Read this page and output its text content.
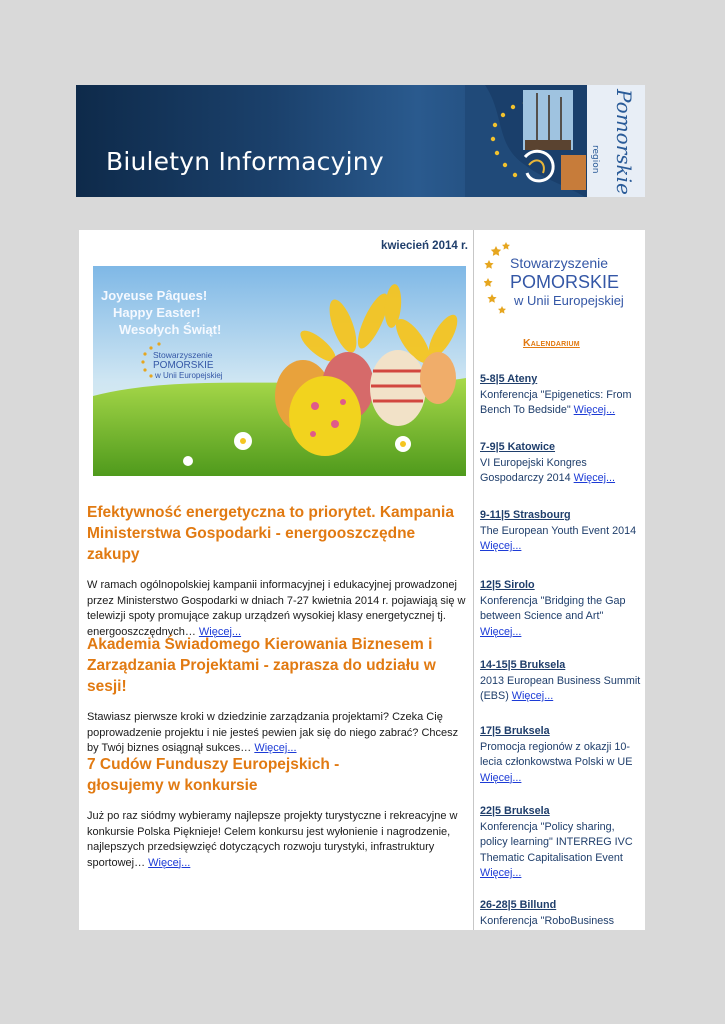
Biuletyn Informacyjny	Pomorskie
region
kwiecień 2014 r.
Joyeuse Pâques!
Happy Easter!
Wesołych Świąt!
Stowarzyszenie
POMORSKIE
w Unii Europejskiej
Efektywność energetyczna to priorytet. Kampania Ministerstwa Gospodarki - energooszczędne zakupy

W ramach ogólnopolskiej kampanii informacyjnej i edukacyjnej prowadzonej przez Ministerstwo Gospodarki w dniach 7-27 kwietnia 2014 r. pojawiają się w telewizji spoty promujące zakup urządzeń wysokiej klasy energetycznej tj. energooszczędnych… Więcej...

Akademia Świadomego Kierowania Biznesem i Zarządzania Projektami - zaprasza do udziału w sesji!

Stawiasz pierwsze kroki w dziedzinie zarządzania projektami? Czeka Cię poprowadzenie projektu i nie jesteś pewien jak się do niego zabrać? Chcesz by Twój biznes osiągnął sukces… Więcej...

7 Cudów Funduszy Europejskich - głosujemy w konkursie

Już po raz siódmy wybieramy najlepsze projekty turystyczne i rekreacyjne w konkursie Polska Pięknieje! Celem konkursu jest wyłonienie i nagrodzenie, najlepszych przedsięwzięć dotyczących rozwoju turystyki, infrastruktury sportowej… Więcej...

Stowarzyszenie
POMORSKIE
w Unii Europejskiej
Kalendarium
5-8|5 Ateny
Konferencja "Epigenetics: From Bench To Bedside" Więcej...
7-9|5 Katowice
VI Europejski Kongres Gospodarczy 2014 Więcej...
9-11|5 Strasbourg
The European Youth Event 2014 Więcej...
12|5 Sirolo
Konferencja "Bridging the Gap between Science and Art" Więcej...
14-15|5 Bruksela
2013 European Business Summit (EBS) Więcej...
17|5 Bruksela
Promocja regionów z okazji 10-lecia członkowstwa Polski w UE Więcej...
22|5 Bruksela
Konferencja "Policy sharing, policy learning" INTERREG IVC Thematic Capitalisation Event Więcej...
26-28|5 Billund
Konferencja "RoboBusiness
